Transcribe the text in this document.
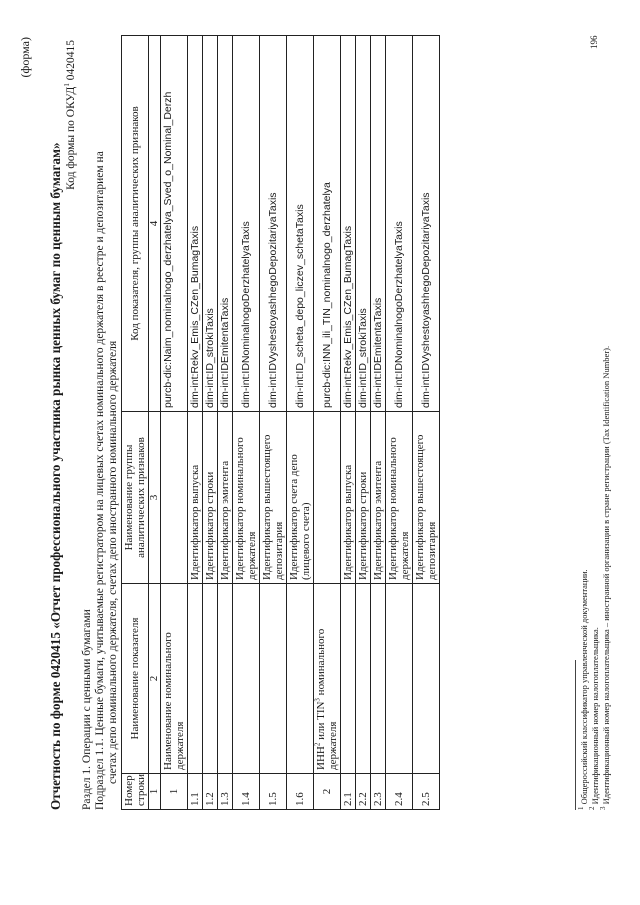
(форма)
Отчетность по форме 0420415 «Отчет профессионального участника рынка ценных бумаг по ценным бумагам»
Код формы по ОКУД$^1$ 0420415
Раздел 1. Операции с ценными бумагами Подраздел 1.1. Ценные бумаги, учитываемые регистратором на лицевых счетах номинального держателя в реестре и депозитарием на счетах депо номинального держателя, счетах депо иностранного номинального держателя
Номер строки	Наименование показателя	Наименование группы аналитических признаков	Код показателя, группы аналитических признаков
1	2	3	4
1	Наименование номинального держателя		purcb-dic:Naim_nominalnogo_derzhatelya_Sved_o_Nominal_Derzh
1.1		Идентификатор выпуска	dim-int:Rekv_Emis_CZen_BumagTaxis
1.2		Идентификатор строки	dim-int:ID_strokiTaxis
1.3		Идентификатор эмитента	dim-int:IDEmitentaTaxis
1.4		Идентификатор номинального держателя	dim-int:IDNominalnogoDerzhatelyaTaxis
1.5		Идентификатор вышестоящего депозитария	dim-int:IDVyshestoyashhegoDepozitariyaTaxis
1.6		Идентификатор счета депо (лицевого счета)	dim-int:ID_scheta_depo_liczev_schetaTaxis
2	ИНН$^2$ или TIN$^3$ номинального держателя		purcb-dic:INN_ili_TIN_nominalnogo_derzhatelya
2.1		Идентификатор выпуска	dim-int:Rekv_Emis_CZen_BumagTaxis
2.2		Идентификатор строки	dim-int:ID_strokiTaxis
2.3		Идентификатор эмитента	dim-int:IDEmitentaTaxis
2.4		Идентификатор номинального держателя	dim-int:IDNominalnogoDerzhatelyaTaxis
2.5		Идентификатор вышестоящего депозитария	dim-int:IDVyshestoyashhegoDepozitariyaTaxis
$^1$ Общероссийский классификатор управленческой документации.
$^2$ Идентификационный номер налогоплательщика.
$^3$ Идентификационный номер налогоплательщика – иностранной организации в стране регистрации (Tax Identification Number).
196
